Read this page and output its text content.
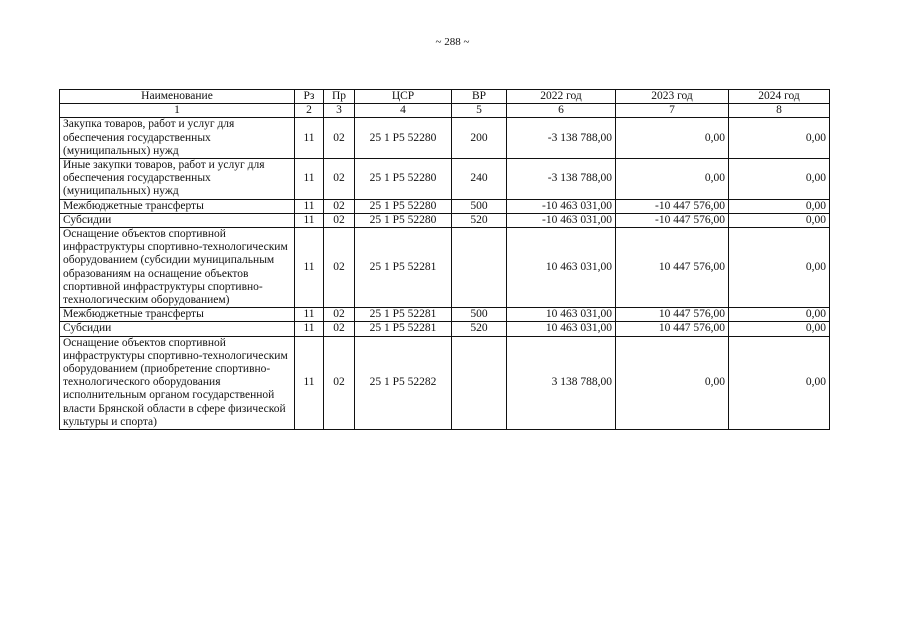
~ 288 ~
Наименование	Рз	Пр	ЦСР	ВР	2022 год	2023 год	2024 год
1	2	3	4	5	6	7	8
Закупка товаров, работ и услуг для обеспечения государственных (муниципальных) нужд	11	02	25 1 Р5 52280	200	-3 138 788,00	0,00	0,00
Иные закупки товаров, работ и услуг для обеспечения государственных (муниципальных) нужд	11	02	25 1 Р5 52280	240	-3 138 788,00	0,00	0,00
Межбюджетные трансферты	11	02	25 1 Р5 52280	500	-10 463 031,00	-10 447 576,00	0,00
Субсидии	11	02	25 1 Р5 52280	520	-10 463 031,00	-10 447 576,00	0,00
Оснащение объектов спортивной инфраструктуры спортивно-технологическим оборудованием (субсидии муниципальным образованиям на оснащение объектов спортивной инфраструктуры спортивно-технологическим оборудованием)	11	02	25 1 Р5 52281		10 463 031,00	10 447 576,00	0,00
Межбюджетные трансферты	11	02	25 1 Р5 52281	500	10 463 031,00	10 447 576,00	0,00
Субсидии	11	02	25 1 Р5 52281	520	10 463 031,00	10 447 576,00	0,00
Оснащение объектов спортивной инфраструктуры спортивно-технологическим оборудованием (приобретение спортивно-технологического оборудования исполнительным органом государственной власти Брянской области в сфере физической культуры и спорта)	11	02	25 1 Р5 52282		3 138 788,00	0,00	0,00
